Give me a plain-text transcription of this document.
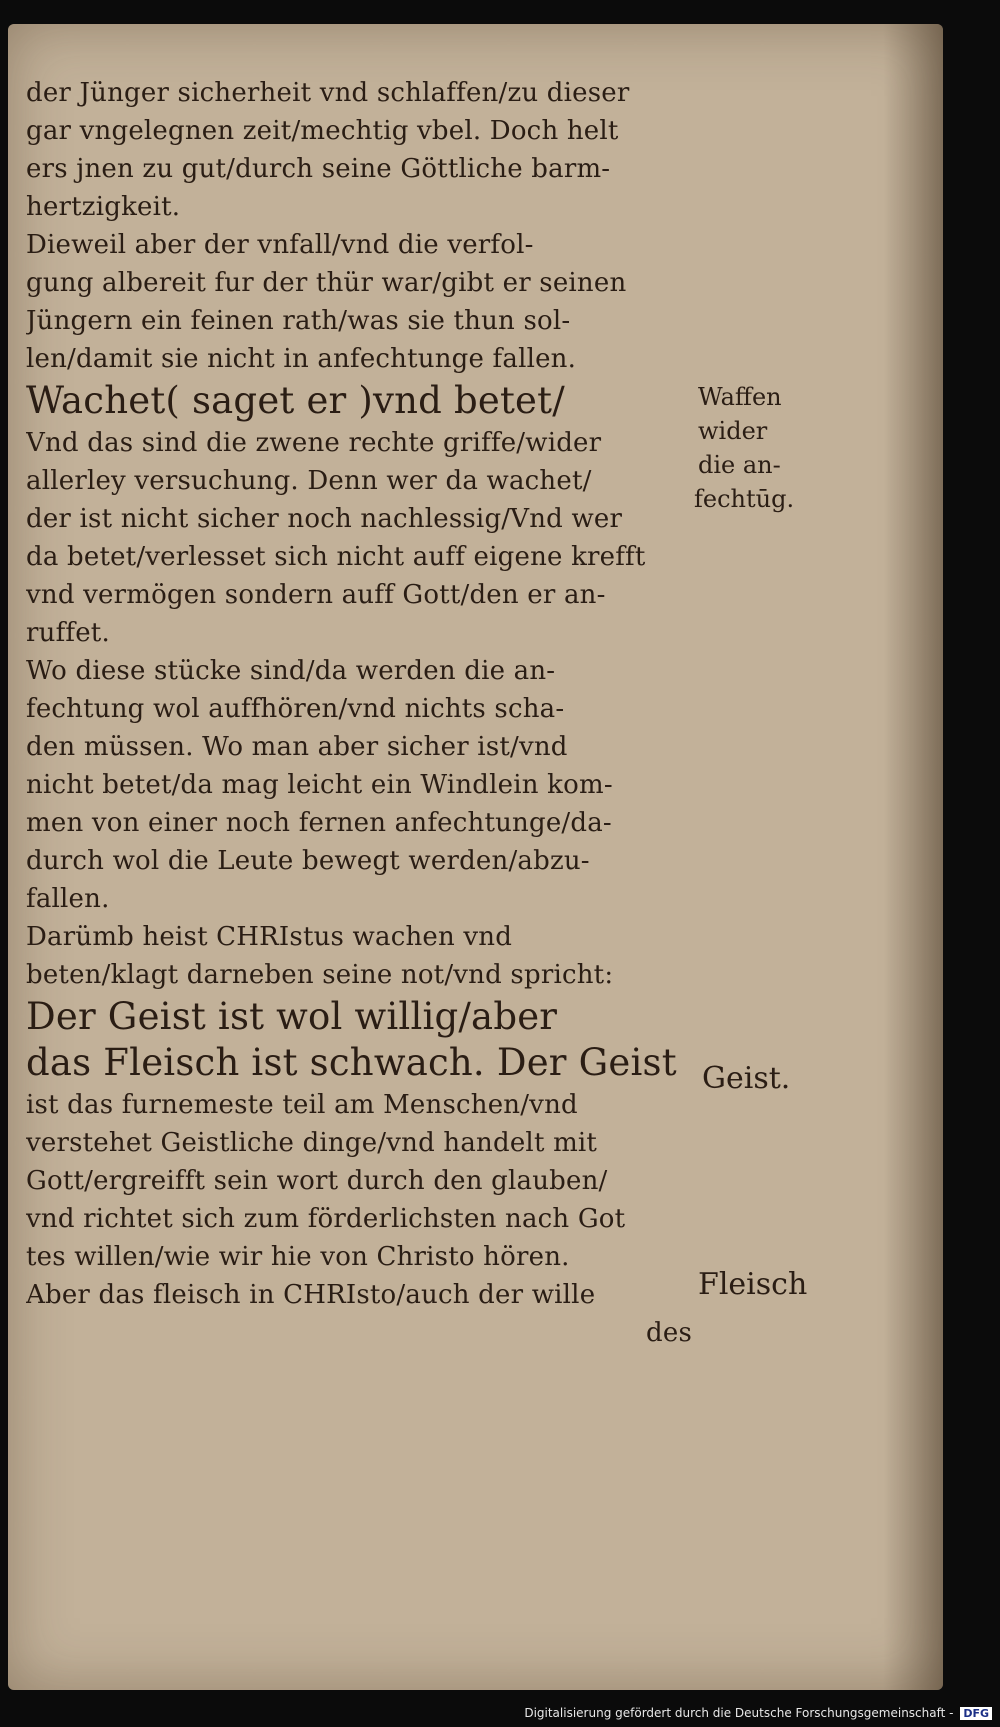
der Jünger sicherheit vnd schlaffen/zu dieser
gar vngelegnen zeit/mechtig vbel. Doch helt
ers jnen zu gut/durch seine Göttliche barm-
hertzigkeit.
Dieweil aber der vnfall/vnd die verfol-
gung albereit fur der thür war/gibt er seinen
Jüngern ein feinen rath/was sie thun sol-
len/damit sie nicht in anfechtunge fallen.
Wachet( saget er )vnd betet/
Vnd das sind die zwene rechte griffe/wider
allerley versuchung. Denn wer da wachet/
der ist nicht sicher noch nachlessig/Vnd wer
da betet/verlesset sich nicht auff eigene krefft
vnd vermögen sondern auff Gott/den er an-
ruffet.
Wo diese stücke sind/da werden die an-
fechtung wol auffhören/vnd nichts scha-
den müssen. Wo man aber sicher ist/vnd
nicht betet/da mag leicht ein Windlein kom-
men von einer noch fernen anfechtunge/da-
durch wol die Leute bewegt werden/abzu-
fallen.
Darümb heist CHRIstus wachen vnd
beten/klagt darneben seine not/vnd spricht:
Der Geist ist wol willig/aber
das Fleisch ist schwach. Der Geist
ist das furnemeste teil am Menschen/vnd
verstehet Geistliche dinge/vnd handelt mit
Gott/ergreifft sein wort durch den glauben/
vnd richtet sich zum förderlichsten nach Got
tes willen/wie wir hie von Christo hören.
Aber das fleisch in CHRIsto/auch der wille
des
Waffen
wider
die an-
fechtūg.
Geist.
Fleisch
Digitalisierung gefördert durch die Deutsche Forschungsgemeinschaft - DFG
